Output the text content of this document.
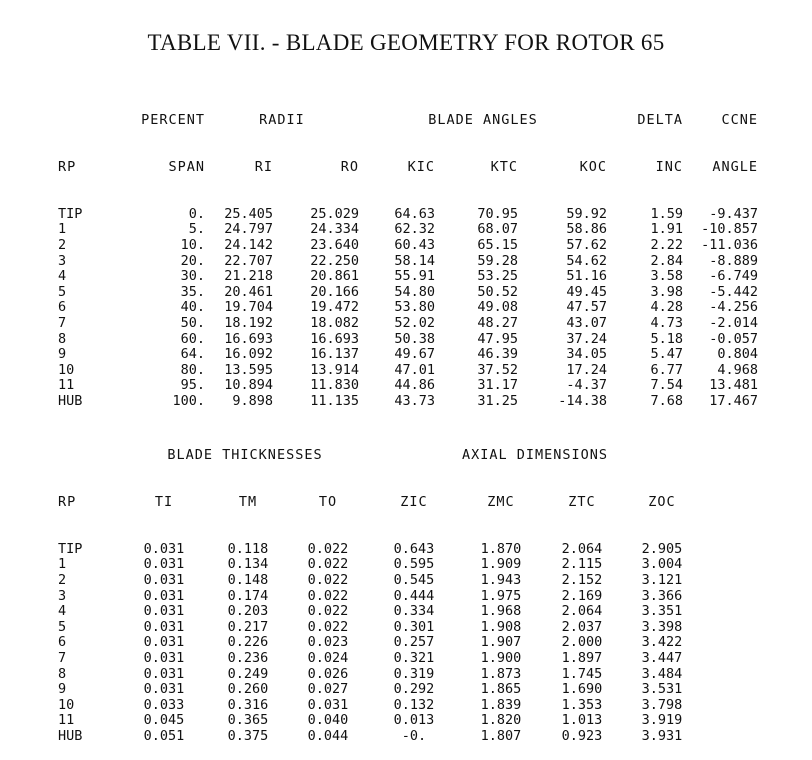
TABLE VII. - BLADE GEOMETRY FOR ROTOR 65

PERCENT	RADII	BLADE ANGLES	DELTA	CCNE

RP	SPAN	RI	RO	KIC	KTC	KOC	INC	ANGLE

TIP	0.	25.405	25.029	64.63	70.95	59.92	1.59	-9.437
1	5.	24.797	24.334	62.32	68.07	58.86	1.91	-10.857
2	10.	24.142	23.640	60.43	65.15	57.62	2.22	-11.036
3	20.	22.707	22.250	58.14	59.28	54.62	2.84	-8.889
4	30.	21.218	20.861	55.91	53.25	51.16	3.58	-6.749
5	35.	20.461	20.166	54.80	50.52	49.45	3.98	-5.442
6	40.	19.704	19.472	53.80	49.08	47.57	4.28	-4.256
7	50.	18.192	18.082	52.02	48.27	43.07	4.73	-2.014
8	60.	16.693	16.693	50.38	47.95	37.24	5.18	-0.057
9	64.	16.092	16.137	49.67	46.39	34.05	5.47	0.804
10	80.	13.595	13.914	47.01	37.52	17.24	6.77	4.968
11	95.	10.894	11.830	44.86	31.17	-4.37	7.54	13.481
HUB	100.	9.898	11.135	43.73	31.25	-14.38	7.68	17.467

BLADE THICKNESSES	AXIAL DIMENSIONS

RP	TI	TM	TO	ZIC	ZMC	ZTC	ZOC

TIP	0.031	0.118	0.022	0.643	1.870	2.064	2.905
1	0.031	0.134	0.022	0.595	1.909	2.115	3.004
2	0.031	0.148	0.022	0.545	1.943	2.152	3.121
3	0.031	0.174	0.022	0.444	1.975	2.169	3.366
4	0.031	0.203	0.022	0.334	1.968	2.064	3.351
5	0.031	0.217	0.022	0.301	1.908	2.037	3.398
6	0.031	0.226	0.023	0.257	1.907	2.000	3.422
7	0.031	0.236	0.024	0.321	1.900	1.897	3.447
8	0.031	0.249	0.026	0.319	1.873	1.745	3.484
9	0.031	0.260	0.027	0.292	1.865	1.690	3.531
10	0.033	0.316	0.031	0.132	1.839	1.353	3.798
11	0.045	0.365	0.040	0.013	1.820	1.013	3.919
HUB	0.051	0.375	0.044	-0.	1.807	0.923	3.931
